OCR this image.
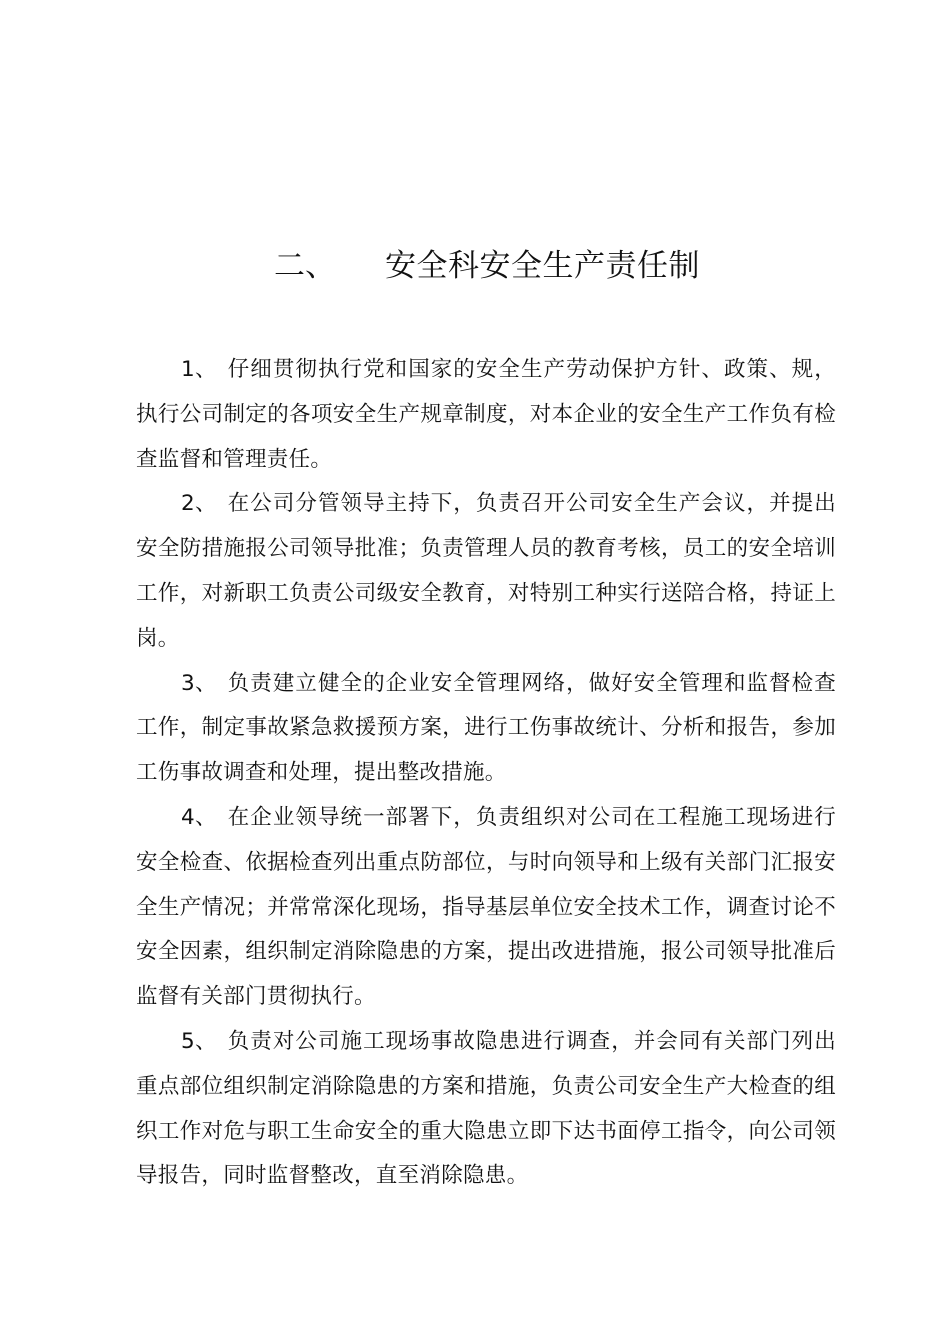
二、 安全科安全生产责任制

1、 仔细贯彻执行党和国家的安全生产劳动保护方针、政策、规，执行公司制定的各项安全生产规章制度，对本企业的安全生产工作负有检查监督和管理责任。

2、 在公司分管领导主持下，负责召开公司安全生产会议，并提出安全防措施报公司领导批准；负责管理人员的教育考核，员工的安全培训工作，对新职工负责公司级安全教育，对特别工种实行送陪合格，持证上岗。

3、 负责建立健全的企业安全管理网络，做好安全管理和监督检查工作，制定事故紧急救援预方案，进行工伤事故统计、分析和报告，参加工伤事故调查和处理，提出整改措施。

4、 在企业领导统一部署下，负责组织对公司在工程施工现场进行安全检查、依据检查列出重点防部位，与时向领导和上级有关部门汇报安全生产情况；并常常深化现场，指导基层单位安全技术工作，调查讨论不安全因素，组织制定消除隐患的方案，提出改进措施，报公司领导批准后监督有关部门贯彻执行。

5、 负责对公司施工现场事故隐患进行调查，并会同有关部门列出重点部位组织制定消除隐患的方案和措施，负责公司安全生产大检查的组织工作对危与职工生命安全的重大隐患立即下达书面停工指令，向公司领导报告，同时监督整改，直至消除隐患。
